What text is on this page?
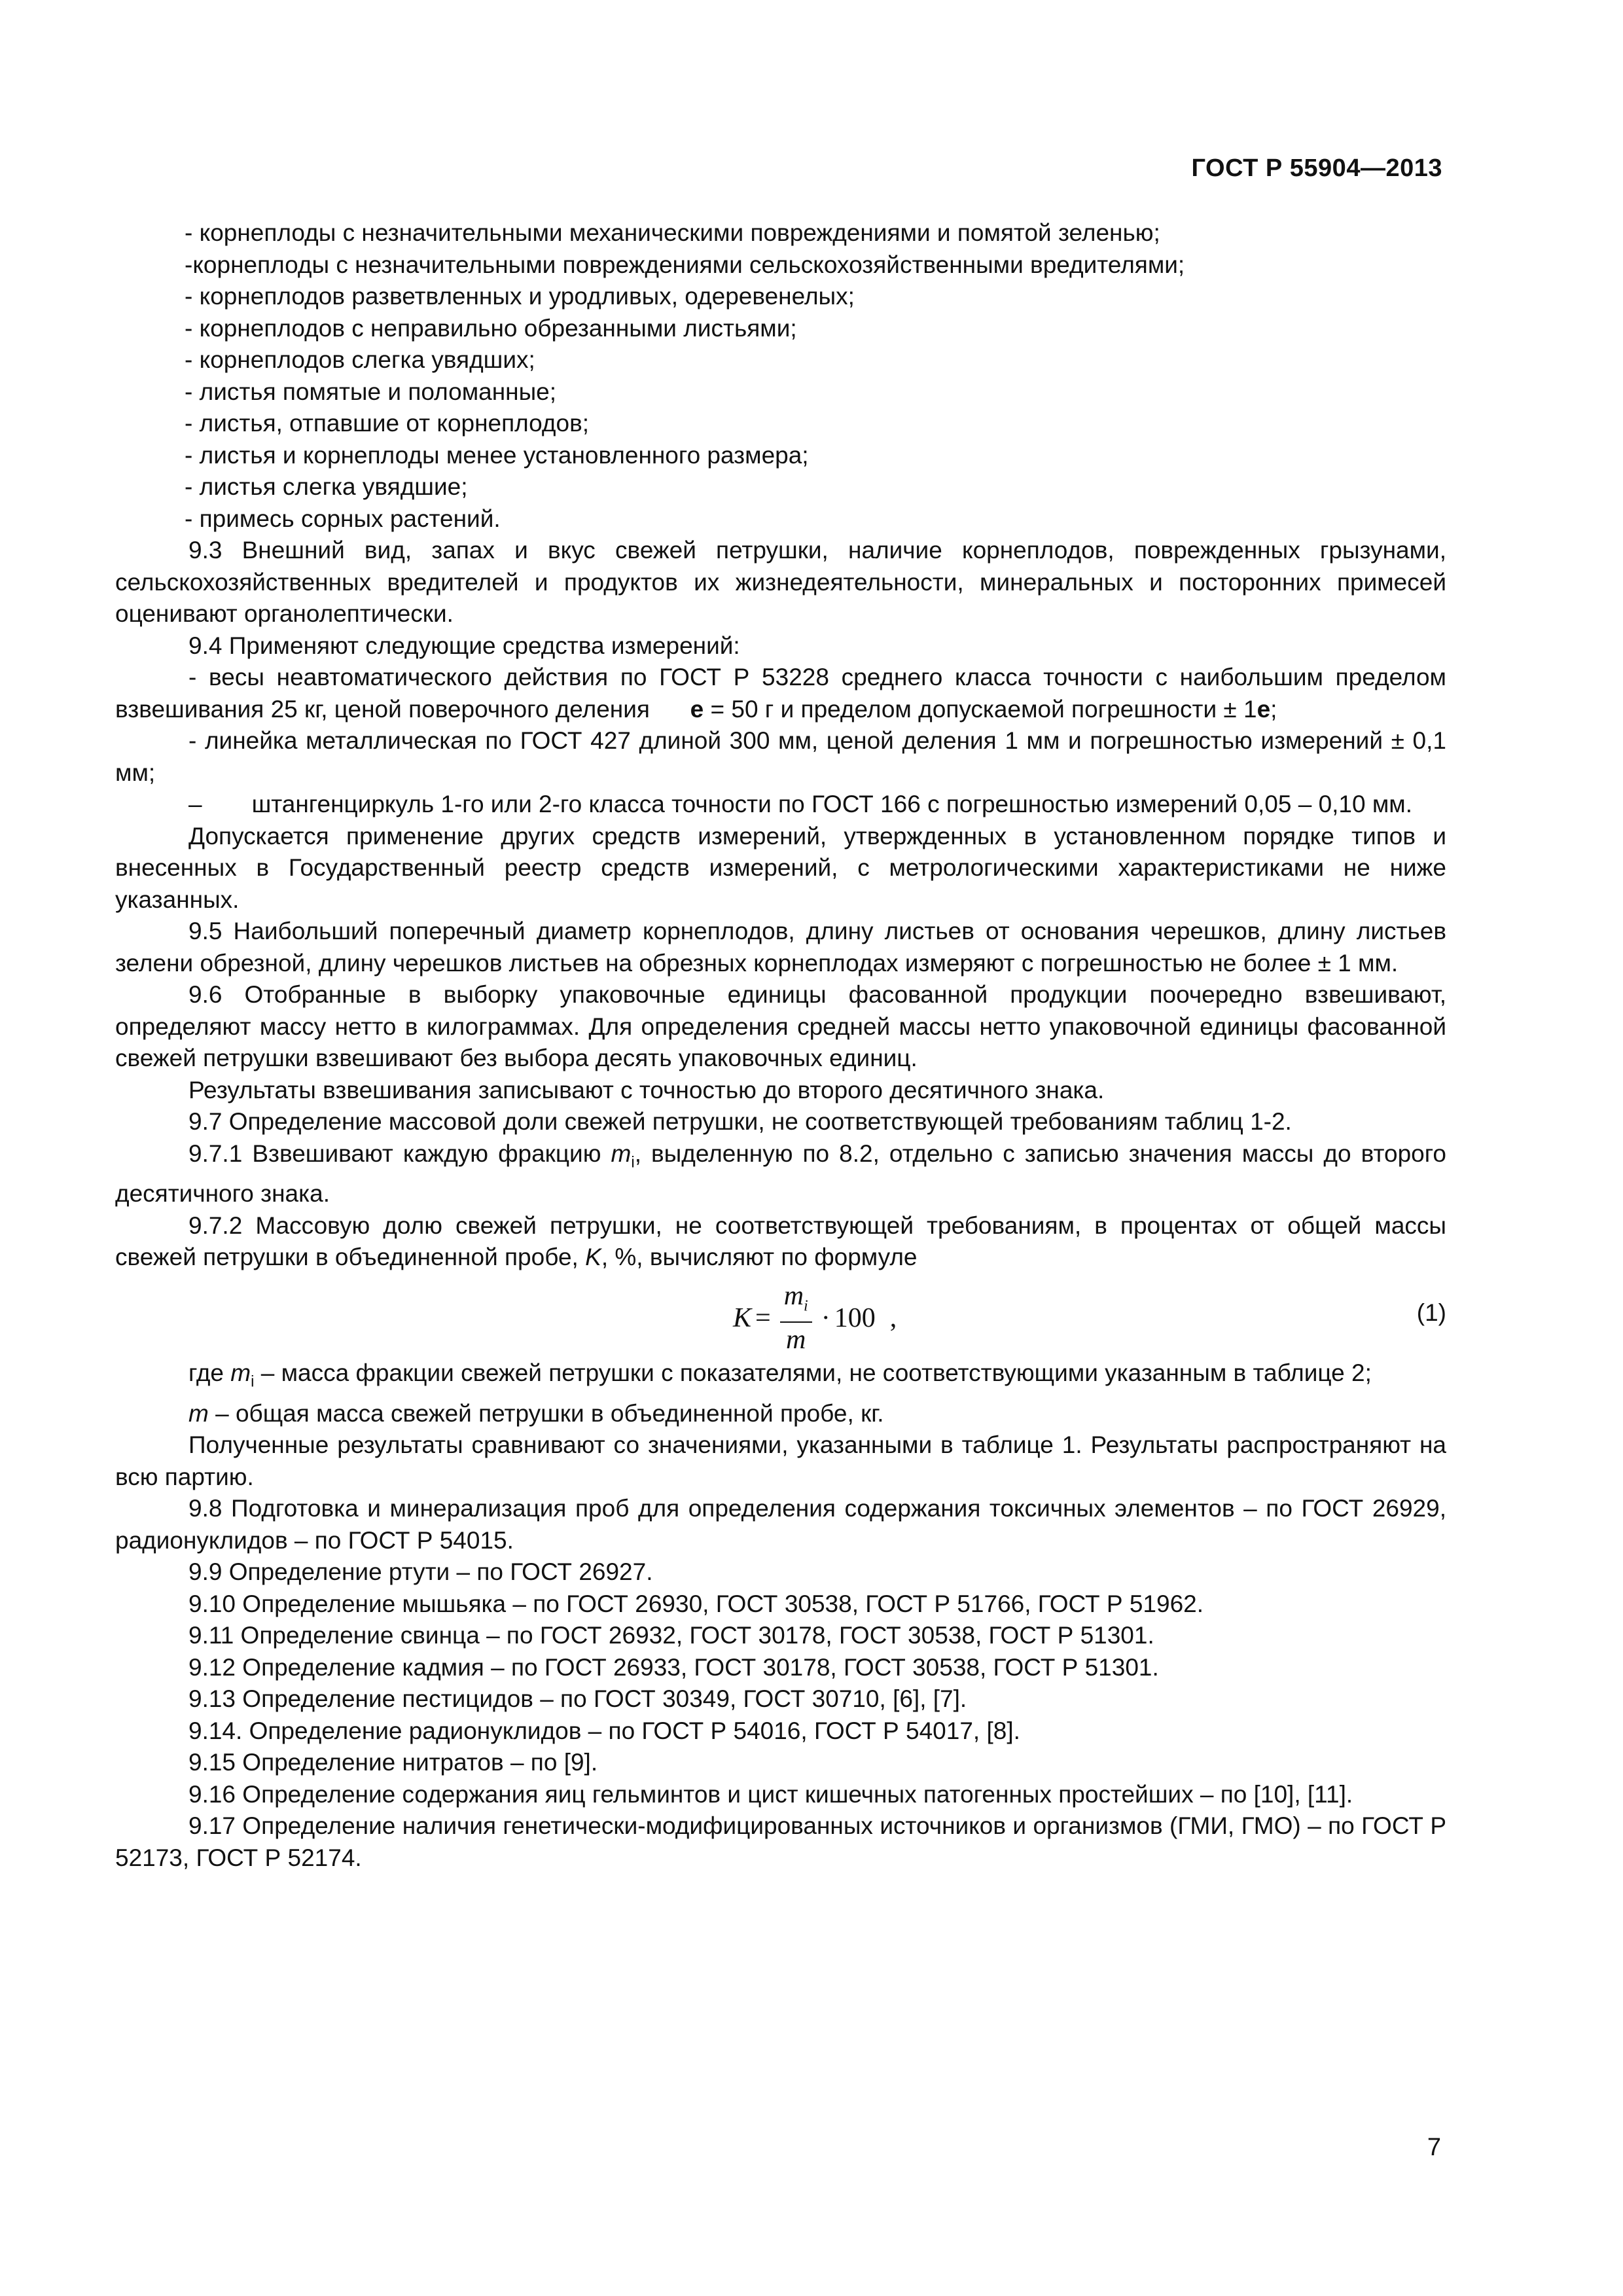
ГОСТ Р 55904—2013

- корнеплоды с незначительными механическими повреждениями и помятой зеленью;

-корнеплоды с незначительными повреждениями сельскохозяйственными вредителями;

- корнеплодов разветвленных и уродливых, одеревенелых;

- корнеплодов с неправильно обрезанными листьями;

- корнеплодов слегка увядших;

- листья помятые и поломанные;

- листья, отпавшие от корнеплодов;

- листья и корнеплоды менее установленного размера;

- листья слегка увядшие;

- примесь сорных растений.

9.3 Внешний вид, запах и вкус свежей петрушки, наличие корнеплодов, поврежденных грызунами, сельскохозяйственных вредителей и продуктов их жизнедеятельности, минеральных и посторонних примесей оценивают органолептически.

9.4 Применяют следующие средства измерений:

- весы неавтоматического действия по ГОСТ Р 53228 среднего класса точности с наибольшим пределом взвешивания 25 кг, ценой поверочного деления e = 50 г и пределом допускаемой погрешности ± 1e;

- линейка металлическая по ГОСТ 427 длиной 300 мм, ценой деления 1 мм и погрешностью измерений ± 0,1 мм;

– штангенциркуль 1-го или 2-го класса точности по ГОСТ 166 с погрешностью измерений 0,05 – 0,10 мм.

Допускается применение других средств измерений, утвержденных в установленном порядке типов и внесенных в Государственный реестр средств измерений, с метрологическими характеристиками не ниже указанных.

9.5 Наибольший поперечный диаметр корнеплодов, длину листьев от основания черешков, длину листьев зелени обрезной, длину черешков листьев на обрезных корнеплодах измеряют с погрешностью не более ± 1 мм.

9.6 Отобранные в выборку упаковочные единицы фасованной продукции поочередно взвешивают, определяют массу нетто в килограммах. Для определения средней массы нетто упаковочной единицы фасованной свежей петрушки взвешивают без выбора десять упаковочных единиц.

Результаты взвешивания записывают с точностью до второго десятичного знака.

9.7 Определение массовой доли свежей петрушки, не соответствующей требованиям таблиц 1-2.

9.7.1 Взвешивают каждую фракцию $m_i$, выделенную по 8.2, отдельно с записью значения массы до второго десятичного знака.

9.7.2 Массовую долю свежей петрушки, не соответствующей требованиям, в процентах от общей массы свежей петрушки в объединенной пробе, K, %, вычисляют по формуле

$K = \frac{m_i}{m} \cdot 100$ ,	(1)

где $m_i$ – масса фракции свежей петрушки с показателями, не соответствующими указанным в таблице 2;

m – общая масса свежей петрушки в объединенной пробе, кг.

Полученные результаты сравнивают со значениями, указанными в таблице 1. Результаты распространяют на всю партию.

9.8 Подготовка и минерализация проб для определения содержания токсичных элементов – по ГОСТ 26929, радионуклидов – по ГОСТ Р 54015.

9.9 Определение ртути – по ГОСТ 26927.

9.10 Определение мышьяка – по ГОСТ 26930, ГОСТ 30538, ГОСТ Р 51766, ГОСТ Р 51962.

9.11 Определение свинца – по ГОСТ 26932, ГОСТ 30178, ГОСТ 30538, ГОСТ Р 51301.

9.12 Определение кадмия – по ГОСТ 26933, ГОСТ 30178, ГОСТ 30538, ГОСТ Р 51301.

9.13 Определение пестицидов – по ГОСТ 30349, ГОСТ 30710, [6], [7].

9.14. Определение радионуклидов – по ГОСТ Р 54016, ГОСТ Р 54017, [8].

9.15 Определение нитратов – по [9].

9.16 Определение содержания яиц гельминтов и цист кишечных патогенных простейших – по [10], [11].

9.17 Определение наличия генетически-модифицированных источников и организмов (ГМИ, ГМО) – по ГОСТ Р 52173, ГОСТ Р 52174.

7
